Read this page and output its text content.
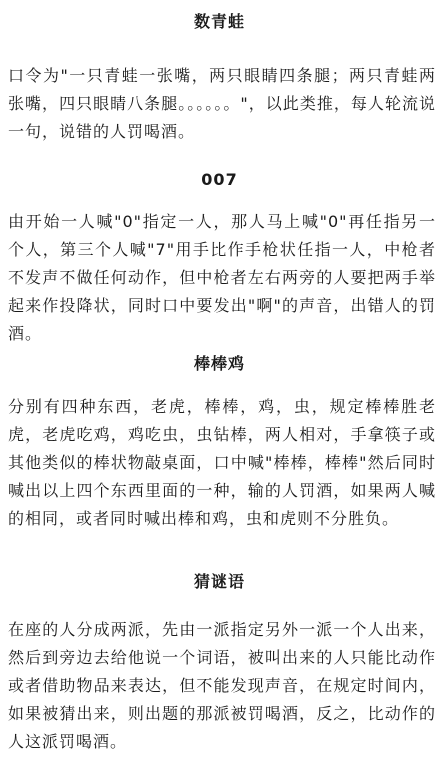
数青蛙

口令为"一只青蛙一张嘴，两只眼睛四条腿；两只青蛙两张嘴，四只眼睛八条腿。。。。。。"，以此类推，每人轮流说一句，说错的人罚喝酒。

007

由开始一人喊"0"指定一人，那人马上喊"0"再任指另一个人，第三个人喊"7"用手比作手枪状任指一人，中枪者不发声不做任何动作，但中枪者左右两旁的人要把两手举起来作投降状，同时口中要发出"啊"的声音，出错人的罚酒。

棒棒鸡

分别有四种东西，老虎，棒棒，鸡，虫，规定棒棒胜老虎，老虎吃鸡，鸡吃虫，虫钻棒，两人相对，手拿筷子或其他类似的棒状物敲桌面，口中喊"棒棒，棒棒"然后同时喊出以上四个东西里面的一种，输的人罚酒，如果两人喊的相同，或者同时喊出棒和鸡，虫和虎则不分胜负。

猜谜语

在座的人分成两派，先由一派指定另外一派一个人出来，然后到旁边去给他说一个词语，被叫出来的人只能比动作或者借助物品来表达，但不能发现声音，在规定时间内，如果被猜出来，则出题的那派被罚喝酒，反之，比动作的人这派罚喝酒。
